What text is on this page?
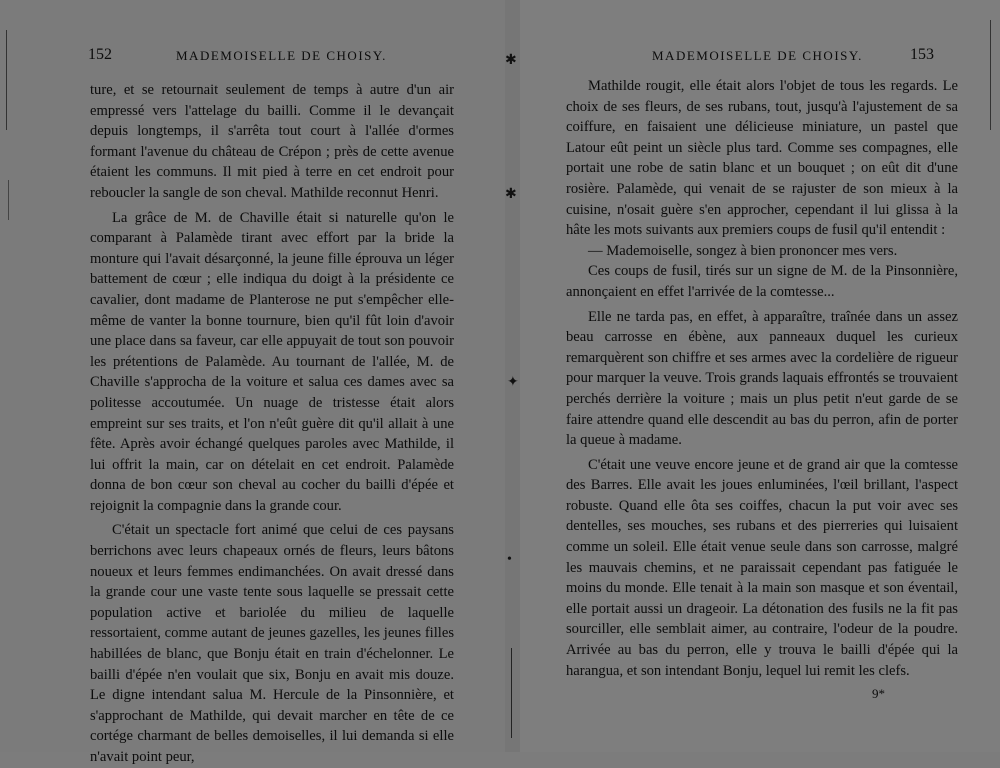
152	MADEMOISELLE DE CHOISY.

ture, et se retournait seulement de temps à autre d'un air empressé vers l'attelage du bailli. Comme il le devançait depuis longtemps, il s'arrêta tout court à l'allée d'ormes formant l'avenue du château de Crépon ; près de cette avenue étaient les communs. Il mit pied à terre en cet endroit pour reboucler la sangle de son cheval. Mathilde reconnut Henri.

La grâce de M. de Chaville était si naturelle qu'on le comparant à Palamède tirant avec effort par la bride la monture qui l'avait désarçonné, la jeune fille éprouva un léger battement de cœur ; elle indiqua du doigt à la présidente ce cavalier, dont madame de Planterose ne put s'empêcher elle-même de vanter la bonne tournure, bien qu'il fût loin d'avoir une place dans sa faveur, car elle appuyait de tout son pouvoir les prétentions de Palamède. Au tournant de l'allée, M. de Chaville s'approcha de la voiture et salua ces dames avec sa politesse accoutumée. Un nuage de tristesse était alors empreint sur ses traits, et l'on n'eût guère dit qu'il allait à une fête. Après avoir échangé quelques paroles avec Mathilde, il lui offrit la main, car on dételait en cet endroit. Palamède donna de bon cœur son cheval au cocher du bailli d'épée et rejoignit la compagnie dans la grande cour.

C'était un spectacle fort animé que celui de ces paysans berrichons avec leurs chapeaux ornés de fleurs, leurs bâtons noueux et leurs femmes endimanchées. On avait dressé dans la grande cour une vaste tente sous laquelle se pressait cette population active et bariolée du milieu de laquelle ressortaient, comme autant de jeunes gazelles, les jeunes filles habillées de blanc, que Bonju était en train d'échelonner. Le bailli d'épée n'en voulait que six, Bonju en avait mis douze. Le digne intendant salua M. Hercule de la Pinsonnière, et s'approchant de Mathilde, qui devait marcher en tête de ce cortége charmant de belles demoiselles, il lui demanda si elle n'avait point peur,

✱
✱
✦
•
MADEMOISELLE DE CHOISY.	153

Mathilde rougit, elle était alors l'objet de tous les regards. Le choix de ses fleurs, de ses rubans, tout, jusqu'à l'ajustement de sa coiffure, en faisaient une délicieuse miniature, un pastel que Latour eût peint un siècle plus tard. Comme ses compagnes, elle portait une robe de satin blanc et un bouquet ; on eût dit d'une rosière. Palamède, qui venait de se rajuster de son mieux à la cuisine, n'osait guère s'en approcher, cependant il lui glissa à la hâte les mots suivants aux premiers coups de fusil qu'il entendit :

— Mademoiselle, songez à bien prononcer mes vers.

Ces coups de fusil, tirés sur un signe de M. de la Pinsonnière, annonçaient en effet l'arrivée de la comtesse...

Elle ne tarda pas, en effet, à apparaître, traînée dans un assez beau carrosse en ébène, aux panneaux duquel les curieux remarquèrent son chiffre et ses armes avec la cordelière de rigueur pour marquer la veuve. Trois grands laquais effrontés se trouvaient perchés derrière la voiture ; mais un plus petit n'eut garde de se faire attendre quand elle descendit au bas du perron, afin de porter la queue à madame.

C'était une veuve encore jeune et de grand air que la comtesse des Barres. Elle avait les joues enluminées, l'œil brillant, l'aspect robuste. Quand elle ôta ses coiffes, chacun la put voir avec ses dentelles, ses mouches, ses rubans et des pierreries qui luisaient comme un soleil. Elle était venue seule dans son carrosse, malgré les mauvais chemins, et ne paraissait cependant pas fatiguée le moins du monde. Elle tenait à la main son masque et son éventail, elle portait aussi un drageoir. La détonation des fusils ne la fit pas sourciller, elle semblait aimer, au contraire, l'odeur de la poudre. Arrivée au bas du perron, elle y trouva le bailli d'épée qui la harangua, et son intendant Bonju, lequel lui remit les clefs.

9*
